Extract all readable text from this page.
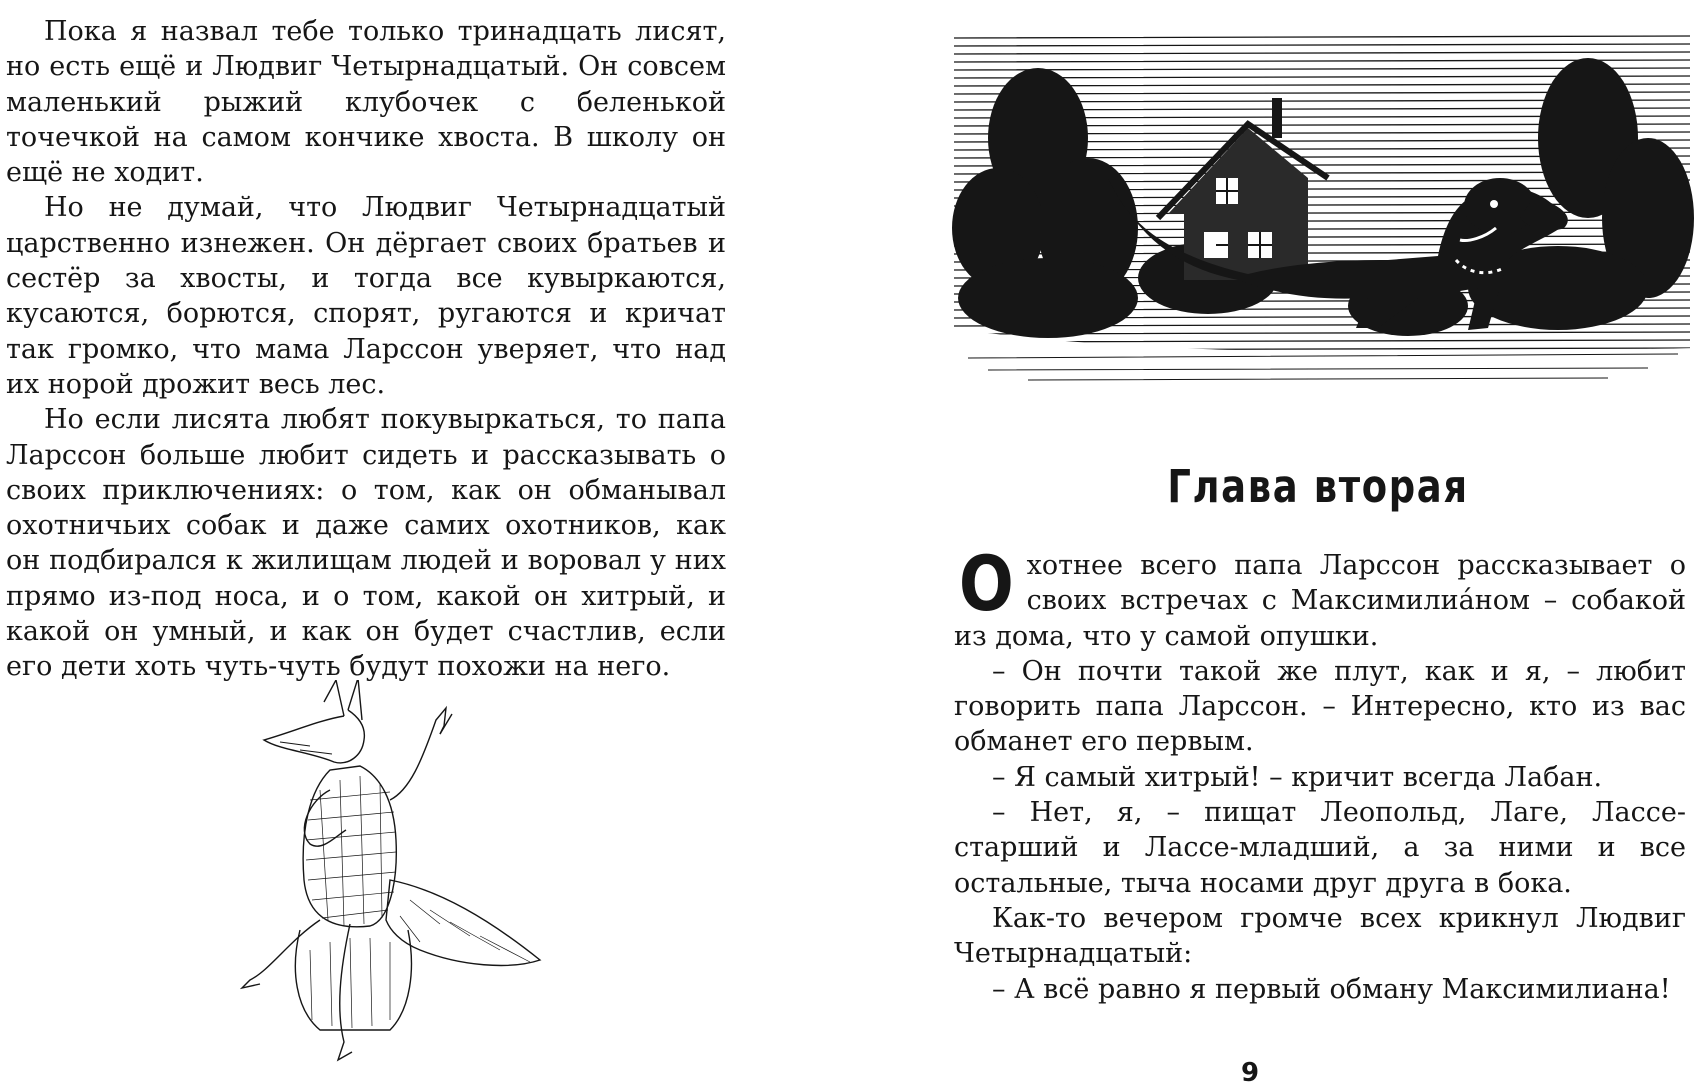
Пока я назвал тебе только тринадцать лисят, но есть ещё и Людвиг Четырнадцатый. Он совсем маленький рыжий клубочек с беленькой точечкой на самом кончике хвоста. В школу он ещё не ходит.

Но не думай, что Людвиг Четырнадцатый царственно изнежен. Он дёргает своих братьев и сестёр за хвосты, и тогда все кувыркаются, кусаются, борются, спорят, ругаются и кричат так громко, что мама Ларссон уверяет, что над их норой дрожит весь лес.

Но если лисята любят покувыркаться, то папа Ларссон больше любит сидеть и рассказывать о своих приключениях: о том, как он обманывал охотничьих собак и даже самих охотников, как он подбирался к жилищам людей и воровал у них прямо из-под носа, и о том, какой он хитрый, и какой он умный, и как он будет счастлив, если его дети хоть чуть-чуть будут похожи на него.

Глава вторая

Охотнее всего папа Ларссон рассказывает о своих встречах с Максимилиáном – собакой из дома, что у самой опушки.

– Он почти такой же плут, как и я, – любит говорить папа Ларссон. – Интересно, кто из вас обманет его первым.

– Я самый хитрый! – кричит всегда Лабан.

– Нет, я, – пищат Леопольд, Лаге, Лассе-старший и Лассе-младший, а за ними и все остальные, тыча носами друг друга в бока.

Как-то вечером громче всех крикнул Людвиг Четырнадцатый:

– А всё равно я первый обману Максимилиана!

9
